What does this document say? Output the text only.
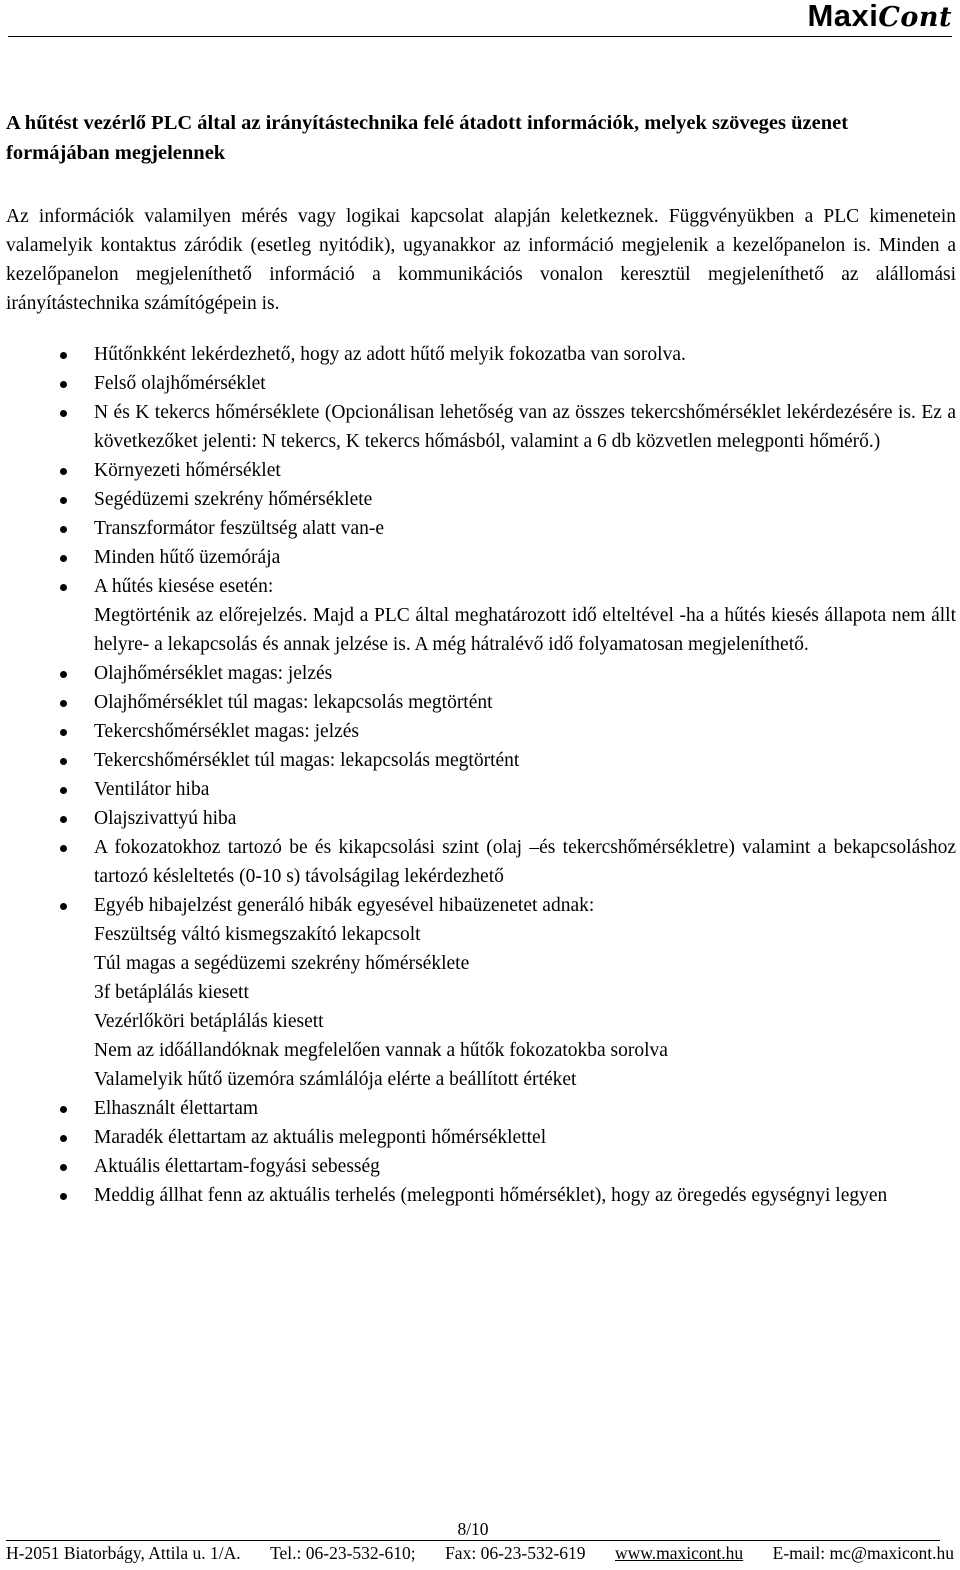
MaxiCont
A hűtést vezérlő PLC által az irányítástechnika felé átadott információk, melyek szöveges üzenet formájában megjelennek

Az információk valamilyen mérés vagy logikai kapcsolat alapján keletkeznek. Függvényükben a PLC kimenetein valamelyik kontaktus záródik (esetleg nyitódik), ugyanakkor az információ megjelenik a kezelőpanelon is. Minden a kezelőpanelon megjeleníthető információ a kommunikációs vonalon keresztül megjeleníthető az alállomási irányítástechnika számítógépein is.

Hűtőnkként lekérdezhető, hogy az adott hűtő melyik fokozatba van sorolva.
Felső olajhőmérséklet
N és K tekercs hőmérséklete (Opcionálisan lehetőség van az összes tekercshőmérséklet lekérdezésére is. Ez a következőket jelenti: N tekercs, K tekercs hőmásból, valamint a 6 db közvetlen melegponti hőmérő.)
Környezeti hőmérséklet
Segédüzemi szekrény hőmérséklete
Transzformátor feszültség alatt van-e
Minden hűtő üzemórája
A hűtés kiesése esetén:
Megtörténik az előrejelzés. Majd a PLC által meghatározott idő elteltével -ha a hűtés kiesés állapota nem állt helyre- a lekapcsolás és annak jelzése is. A még hátralévő idő folyamatosan megjeleníthető.
Olajhőmérséklet magas: jelzés
Olajhőmérséklet túl magas: lekapcsolás megtörtént
Tekercshőmérséklet magas: jelzés
Tekercshőmérséklet túl magas: lekapcsolás megtörtént
Ventilátor hiba
Olajszivattyú hiba
A fokozatokhoz tartozó be és kikapcsolási szint (olaj –és tekercshőmérsékletre) valamint a bekapcsoláshoz tartozó késleltetés (0-10 s) távolságilag lekérdezhető
Egyéb hibajelzést generáló hibák egyesével hibaüzenetet adnak:
Feszültség váltó kismegszakító lekapcsolt
Túl magas a segédüzemi szekrény hőmérséklete
3f betáplálás kiesett
Vezérlőköri betáplálás kiesett
Nem az időállandóknak megfelelően vannak a hűtők fokozatokba sorolva
Valamelyik hűtő üzemóra számlálója elérte a beállított értéket
Elhasznált élettartam
Maradék élettartam az aktuális melegponti hőmérséklettel
Aktuális élettartam-fogyási sebesség
Meddig állhat fenn az aktuális terhelés (melegponti hőmérséklet), hogy az öregedés egységnyi legyen
8/10
H-2051 Biatorbágy, Attila u. 1/A. Tel.: 06-23-532-610; Fax: 06-23-532-619 www.maxicont.hu E-mail: mc@maxicont.hu
